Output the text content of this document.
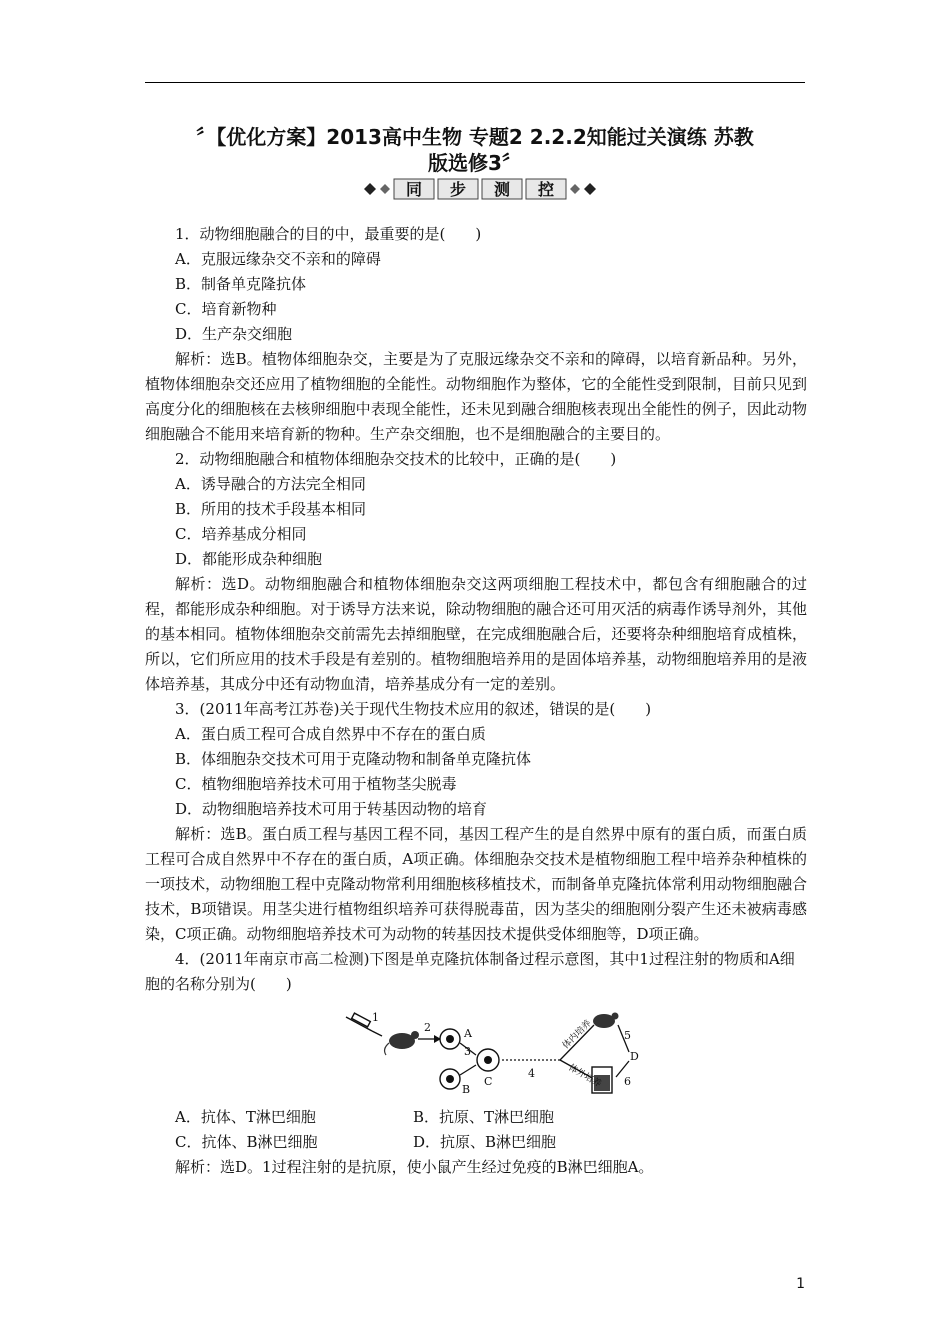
〞【优化方案】2013高中生物 专题2 2.2.2知能过关演练 苏教
版选修3〞
同 步 测 控

1．动物细胞融合的目的中，最重要的是(　　)

A．克服远缘杂交不亲和的障碍

B．制备单克隆抗体

C．培育新物种

D．生产杂交细胞

解析：选B。植物体细胞杂交，主要是为了克服远缘杂交不亲和的障碍，以培育新品种。另外，植物体细胞杂交还应用了植物细胞的全能性。动物细胞作为整体，它的全能性受到限制，目前只见到高度分化的细胞核在去核卵细胞中表现全能性，还未见到融合细胞核表现出全能性的例子，因此动物细胞融合不能用来培育新的物种。生产杂交细胞，也不是细胞融合的主要目的。

2．动物细胞融合和植物体细胞杂交技术的比较中，正确的是(　　)

A．诱导融合的方法完全相同

B．所用的技术手段基本相同

C．培养基成分相同

D．都能形成杂种细胞

解析：选D。动物细胞融合和植物体细胞杂交这两项细胞工程技术中，都包含有细胞融合的过程，都能形成杂种细胞。对于诱导方法来说，除动物细胞的融合还可用灭活的病毒作诱导剂外，其他的基本相同。植物体细胞杂交前需先去掉细胞壁，在完成细胞融合后，还要将杂种细胞培育成植株，所以，它们所应用的技术手段是有差别的。植物细胞培养用的是固体培养基，动物细胞培养用的是液体培养基，其成分中还有动物血清，培养基成分有一定的差别。

3．(2011年高考江苏卷)关于现代生物技术应用的叙述，错误的是(　　)

A．蛋白质工程可合成自然界中不存在的蛋白质

B．体细胞杂交技术可用于克隆动物和制备单克隆抗体

C．植物细胞培养技术可用于植物茎尖脱毒

D．动物细胞培养技术可用于转基因动物的培育

解析：选B。蛋白质工程与基因工程不同，基因工程产生的是自然界中原有的蛋白质，而蛋白质工程可合成自然界中不存在的蛋白质，A项正确。体细胞杂交技术是植物细胞工程中培养杂种植株的一项技术，动物细胞工程中克隆动物常利用细胞核移植技术，而制备单克隆抗体常利用动物细胞融合技术，B项错误。用茎尖进行植物组织培养可获得脱毒苗，因为茎尖的细胞刚分裂产生还未被病毒感染，C项正确。动物细胞培养技术可为动物的转基因技术提供受体细胞等，D项正确。

4．(2011年南京市高二检测)下图是单克隆抗体制备过程示意图，其中1过程注射的物质和A细胞的名称分别为(　　)

1
2
3
4
5
6
A
B
C
D
体内培养
体外培养

A．抗体、T淋巴细胞	B．抗原、T淋巴细胞

C．抗体、B淋巴细胞	D．抗原、B淋巴细胞

解析：选D。1过程注射的是抗原，使小鼠产生经过免疫的B淋巴细胞A。

1
